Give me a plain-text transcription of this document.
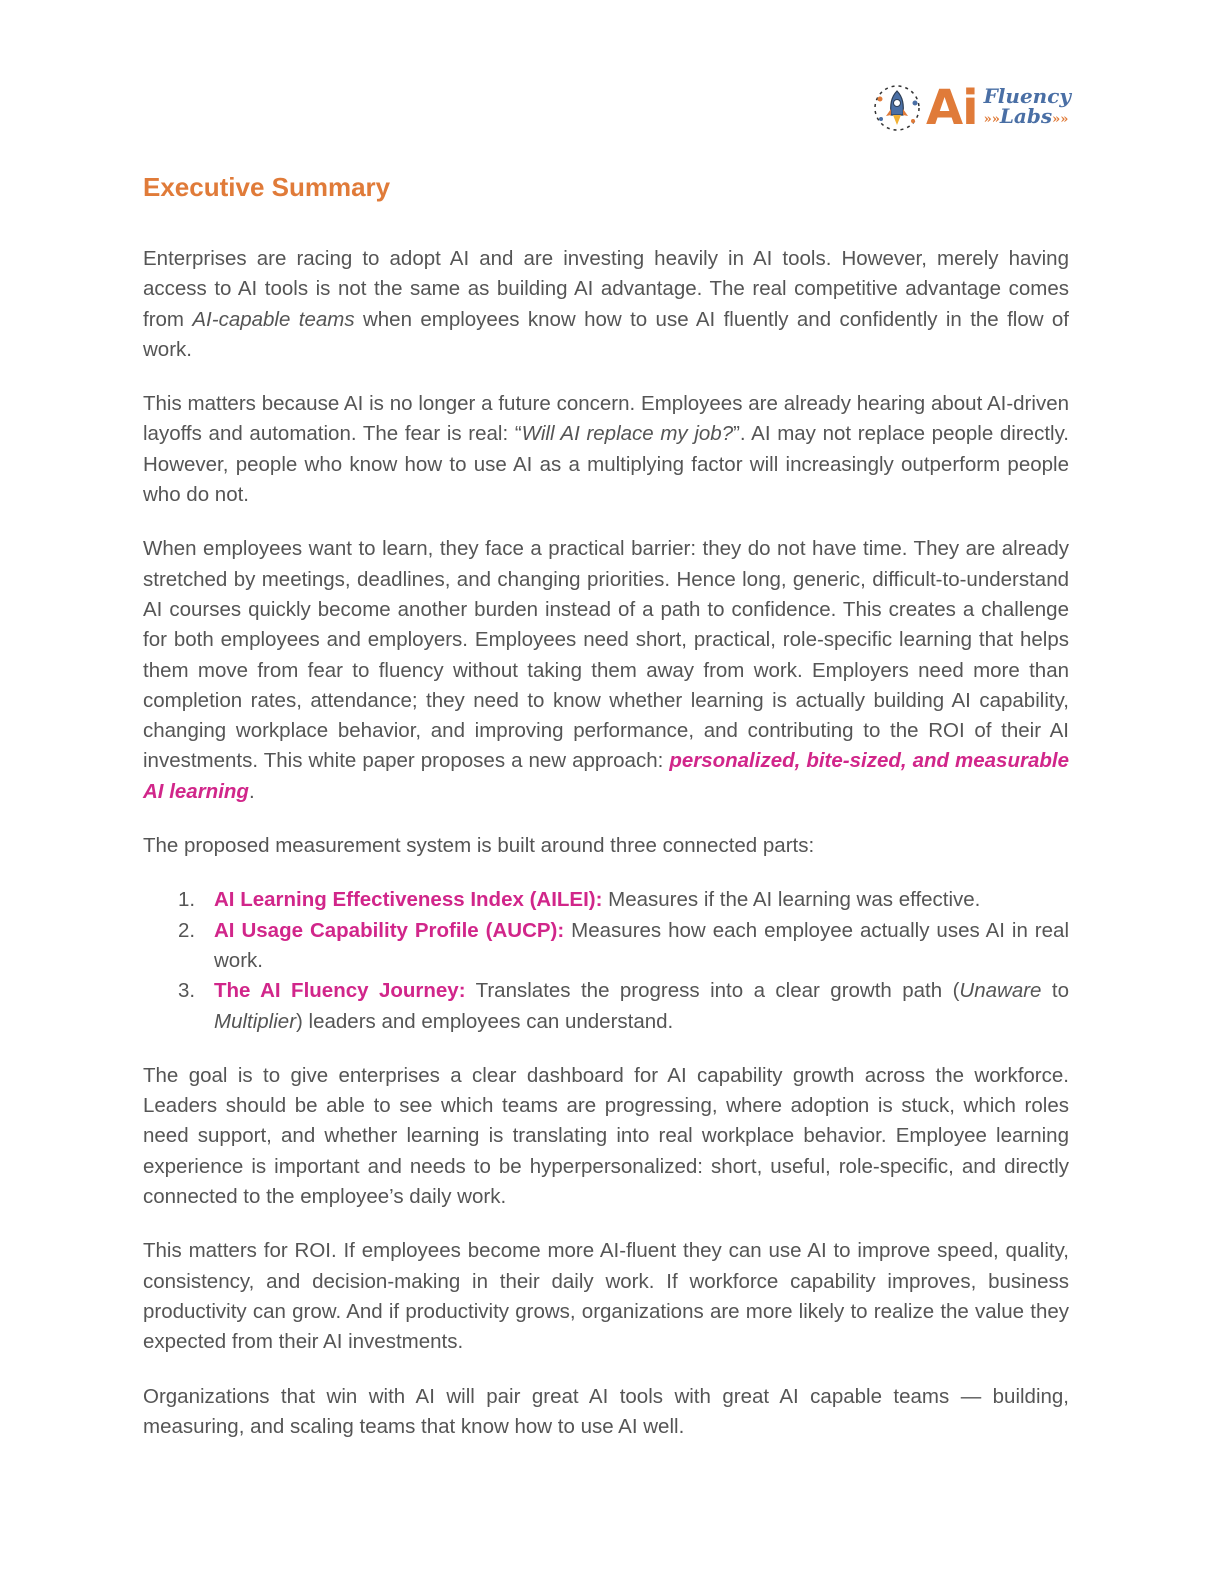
Ai Fluency
»»Labs»»
Executive Summary

Enterprises are racing to adopt AI and are investing heavily in AI tools. However, merely having access to AI tools is not the same as building AI advantage. The real competitive advantage comes from AI-capable teams when employees know how to use AI fluently and confidently in the flow of work.

This matters because AI is no longer a future concern. Employees are already hearing about AI-driven layoffs and automation. The fear is real: “Will AI replace my job?”. AI may not replace people directly. However, people who know how to use AI as a multiplying factor will increasingly outperform people who do not.

When employees want to learn, they face a practical barrier: they do not have time. They are already stretched by meetings, deadlines, and changing priorities. Hence long, generic, difficult-to-understand AI courses quickly become another burden instead of a path to confidence. This creates a challenge for both employees and employers. Employees need short, practical, role-specific learning that helps them move from fear to fluency without taking them away from work. Employers need more than completion rates, attendance; they need to know whether learning is actually building AI capability, changing workplace behavior, and improving performance, and contributing to the ROI of their AI investments. This white paper proposes a new approach: personalized, bite-sized, and measurable AI learning.

The proposed measurement system is built around three connected parts:

1. AI Learning Effectiveness Index (AILEI): Measures if the AI learning was effective.
2. AI Usage Capability Profile (AUCP): Measures how each employee actually uses AI in real work.
3. The AI Fluency Journey: Translates the progress into a clear growth path (Unaware to Multiplier) leaders and employees can understand.

The goal is to give enterprises a clear dashboard for AI capability growth across the workforce. Leaders should be able to see which teams are progressing, where adoption is stuck, which roles need support, and whether learning is translating into real workplace behavior. Employee learning experience is important and needs to be hyperpersonalized: short, useful, role-specific, and directly connected to the employee’s daily work.

This matters for ROI. If employees become more AI-fluent they can use AI to improve speed, quality, consistency, and decision-making in their daily work. If workforce capability improves, business productivity can grow. And if productivity grows, organizations are more likely to realize the value they expected from their AI investments.

Organizations that win with AI will pair great AI tools with great AI capable teams — building, measuring, and scaling teams that know how to use AI well.
